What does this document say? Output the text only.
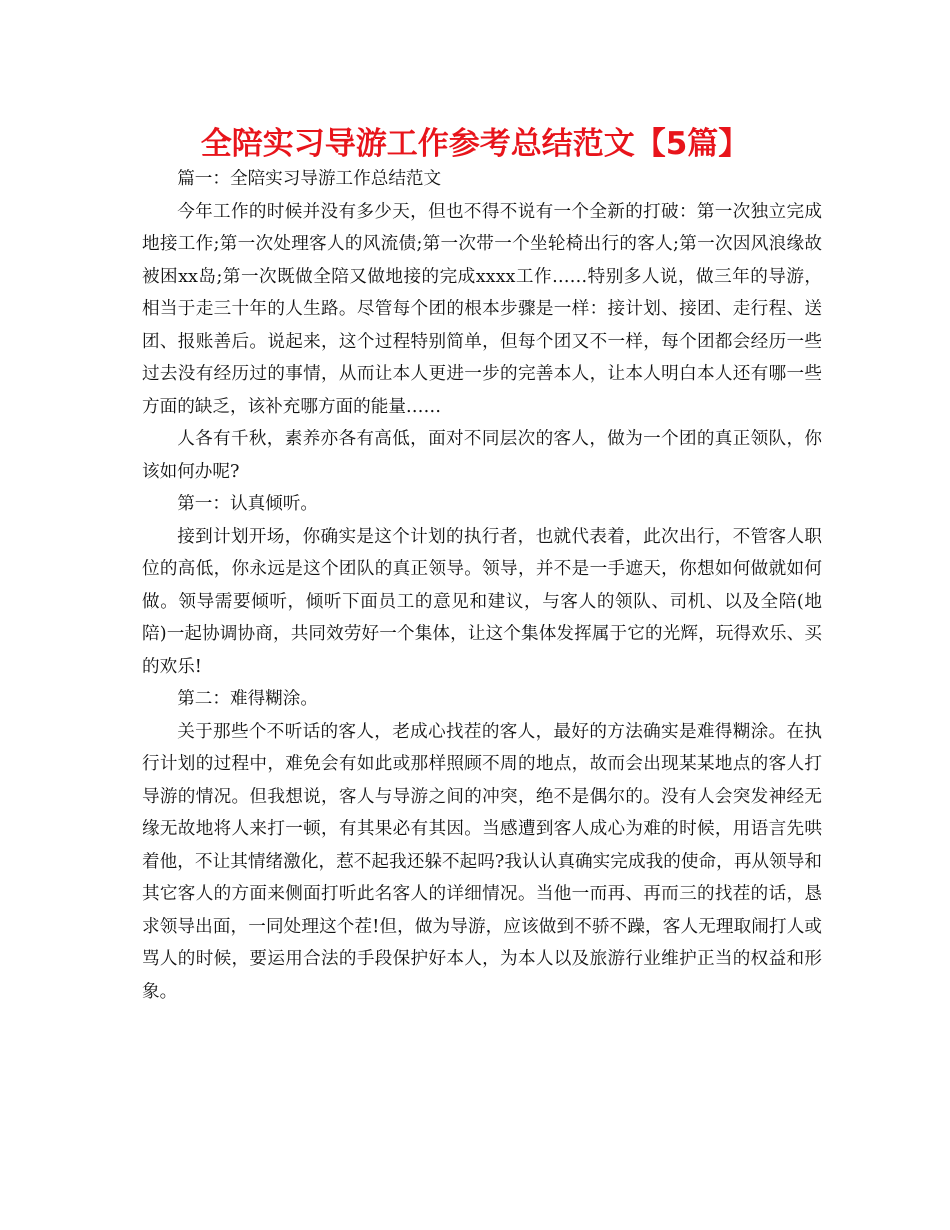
全陪实习导游工作参考总结范文【5篇】

篇一：全陪实习导游工作总结范文

今年工作的时候并没有多少天，但也不得不说有一个全新的打破：第一次独立完成地接工作;第一次处理客人的风流债;第一次带一个坐轮椅出行的客人;第一次因风浪缘故被困xx岛;第一次既做全陪又做地接的完成xxxx工作……特别多人说，做三年的导游，相当于走三十年的人生路。尽管每个团的根本步骤是一样：接计划、接团、走行程、送团、报账善后。说起来，这个过程特别简单，但每个团又不一样，每个团都会经历一些过去没有经历过的事情，从而让本人更进一步的完善本人，让本人明白本人还有哪一些方面的缺乏，该补充哪方面的能量……

人各有千秋，素养亦各有高低，面对不同层次的客人，做为一个团的真正领队，你该如何办呢?

第一：认真倾听。

接到计划开场，你确实是这个计划的执行者，也就代表着，此次出行，不管客人职位的高低，你永远是这个团队的真正领导。领导，并不是一手遮天，你想如何做就如何做。领导需要倾听，倾听下面员工的意见和建议，与客人的领队、司机、以及全陪(地陪)一起协调协商，共同效劳好一个集体，让这个集体发挥属于它的光辉，玩得欢乐、买的欢乐!

第二：难得糊涂。

关于那些个不听话的客人，老成心找茬的客人，最好的方法确实是难得糊涂。在执行计划的过程中，难免会有如此或那样照顾不周的地点，故而会出现某某地点的客人打导游的情况。但我想说，客人与导游之间的冲突，绝不是偶尔的。没有人会突发神经无缘无故地将人来打一顿，有其果必有其因。当感遭到客人成心为难的时候，用语言先哄着他，不让其情绪激化，惹不起我还躲不起吗?我认认真确实完成我的使命，再从领导和其它客人的方面来侧面打听此名客人的详细情况。当他一而再、再而三的找茬的话，恳求领导出面，一同处理这个茬!但，做为导游，应该做到不骄不躁，客人无理取闹打人或骂人的时候，要运用合法的手段保护好本人，为本人以及旅游行业维护正当的权益和形象。
